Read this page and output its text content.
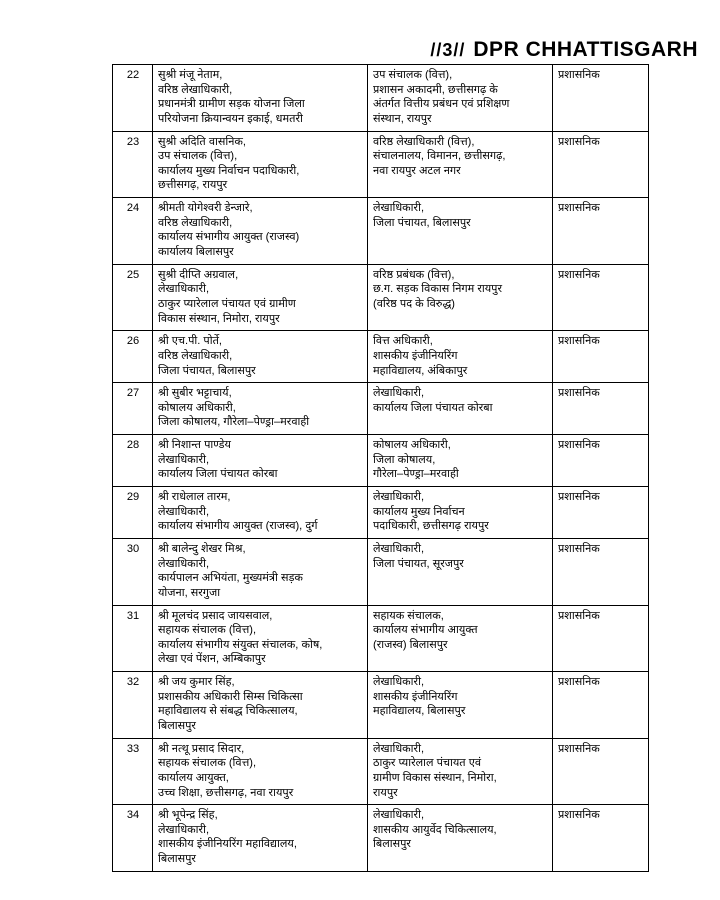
//3// DPR CHHATTISGARH
22	सुश्री मंजू नेताम,
वरिष्ठ लेखाधिकारी,
प्रधानमंत्री ग्रामीण सड़क योजना जिला
परियोजना क्रियान्वयन इकाई, धमतरी	उप संचालक (वित्त),
प्रशासन अकादमी, छत्तीसगढ़ के
अंतर्गत वित्तीय प्रबंधन एवं प्रशिक्षण
संस्थान, रायपुर	प्रशासनिक
23	सुश्री अदिति वासनिक,
उप संचालक (वित्त),
कार्यालय मुख्य निर्वाचन पदाधिकारी,
छत्तीसगढ़, रायपुर	वरिष्ठ लेखाधिकारी (वित्त),
संचालनालय, विमानन, छत्तीसगढ़,
नवा रायपुर अटल नगर	प्रशासनिक
24	श्रीमती योगेश्वरी डेन्जारे,
वरिष्ठ लेखाधिकारी,
कार्यालय संभागीय आयुक्त (राजस्व)
कार्यालय बिलासपुर	लेखाधिकारी,
जिला पंचायत, बिलासपुर	प्रशासनिक
25	सुश्री दीप्ति अग्रवाल,
लेखाधिकारी,
ठाकुर प्यारेलाल पंचायत एवं ग्रामीण
विकास संस्थान, निमोरा, रायपुर	वरिष्ठ प्रबंधक (वित्त),
छ.ग. सड़क विकास निगम रायपुर
(वरिष्ठ पद के विरुद्ध)	प्रशासनिक
26	श्री एच.पी. पोर्ते,
वरिष्ठ लेखाधिकारी,
जिला पंचायत, बिलासपुर	वित्त अधिकारी,
शासकीय इंजीनियरिंग
महाविद्यालय, अंबिकापुर	प्रशासनिक
27	श्री सुबीर भट्टाचार्य,
कोषालय अधिकारी,
जिला कोषालय, गौरेला–पेण्ड्रा–मरवाही	लेखाधिकारी,
कार्यालय जिला पंचायत कोरबा	प्रशासनिक
28	श्री निशान्त पाण्डेय
लेखाधिकारी,
कार्यालय जिला पंचायत कोरबा	कोषालय अधिकारी,
जिला कोषालय,
गौरेला–पेण्ड्रा–मरवाही	प्रशासनिक
29	श्री राधेलाल तारम,
लेखाधिकारी,
कार्यालय संभागीय आयुक्त (राजस्व), दुर्ग	लेखाधिकारी,
कार्यालय मुख्य निर्वाचन
पदाधिकारी, छत्तीसगढ़ रायपुर	प्रशासनिक
30	श्री बालेन्दु शेखर मिश्र,
लेखाधिकारी,
कार्यपालन अभियंता, मुख्यमंत्री सड़क
योजना, सरगुजा	लेखाधिकारी,
जिला पंचायत, सूरजपुर	प्रशासनिक
31	श्री मूलचंद प्रसाद जायसवाल,
सहायक संचालक (वित्त),
कार्यालय संभागीय संयुक्त संचालक, कोष,
लेखा एवं पेंशन, अम्बिकापुर	सहायक संचालक,
कार्यालय संभागीय आयुक्त
(राजस्व) बिलासपुर	प्रशासनिक
32	श्री जय कुमार सिंह,
प्रशासकीय अधिकारी सिम्स चिकित्सा
महाविद्यालय से संबद्ध चिकित्सालय,
बिलासपुर	लेखाधिकारी,
शासकीय इंजीनियरिंग
महाविद्यालय, बिलासपुर	प्रशासनिक
33	श्री नत्थू प्रसाद सिदार,
सहायक संचालक (वित्त),
कार्यालय आयुक्त,
उच्च शिक्षा, छत्तीसगढ़, नवा रायपुर	लेखाधिकारी,
ठाकुर प्यारेलाल पंचायत एवं
ग्रामीण विकास संस्थान, निमोरा,
रायपुर	प्रशासनिक
34	श्री भूपेन्द्र सिंह,
लेखाधिकारी,
शासकीय इंजीनियरिंग महाविद्यालय,
बिलासपुर	लेखाधिकारी,
शासकीय आयुर्वेद चिकित्सालय,
बिलासपुर	प्रशासनिक
